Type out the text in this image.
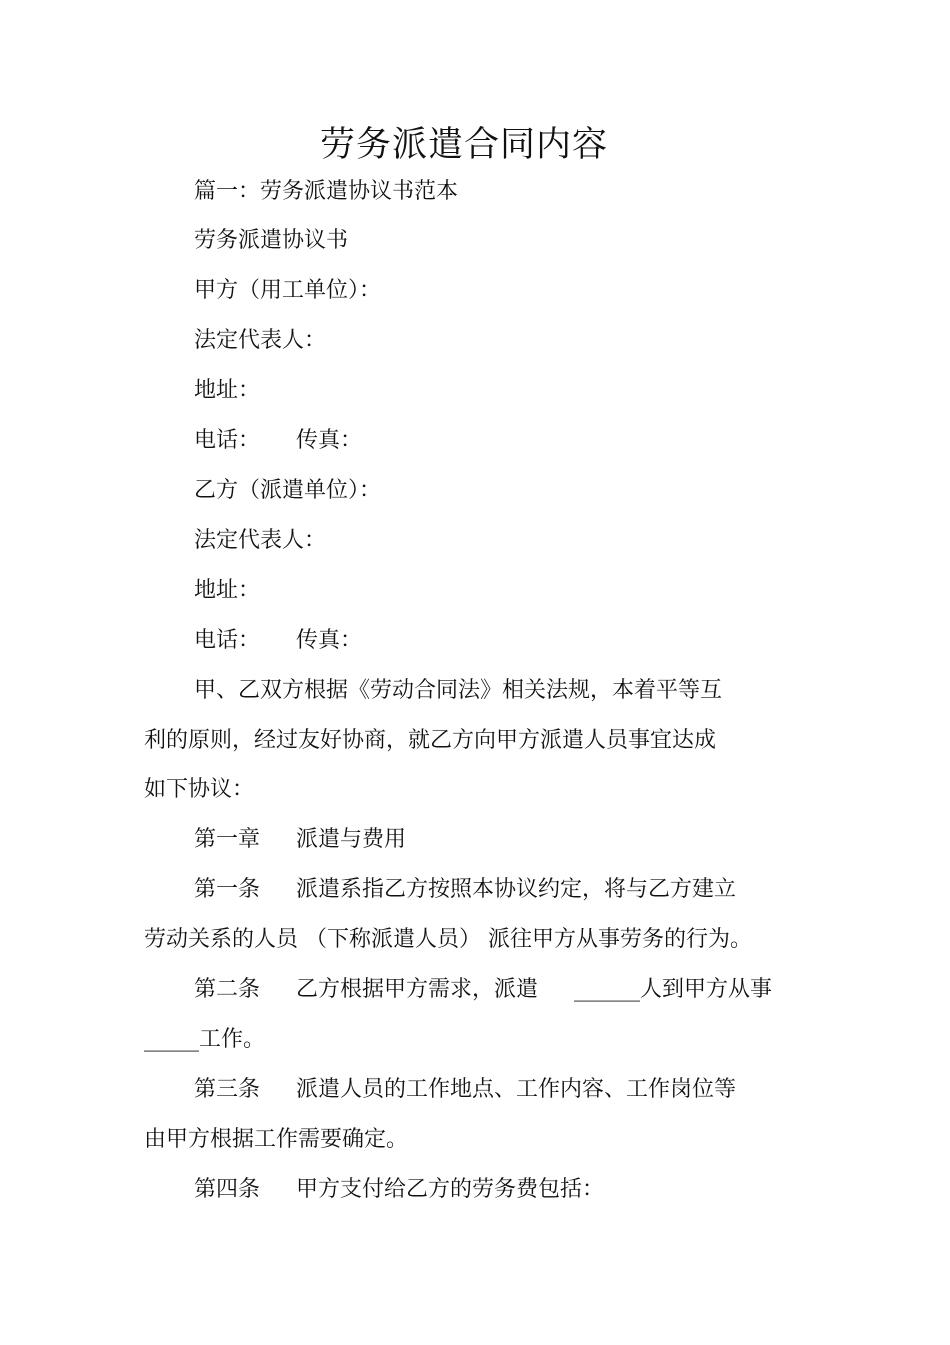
劳务派遣合同内容
篇一：劳务派遣协议书范本
劳务派遣协议书
甲方（用工单位）：
法定代表人：
地址：
电话： 传真：
乙方（派遣单位）：
法定代表人：
地址：
电话： 传真：
甲、乙双方根据《劳动合同法》相关法规，本着平等互
利的原则，经过友好协商，就乙方向甲方派遣人员事宜达成
如下协议：
第一章 派遣与费用
第一条 派遣系指乙方按照本协议约定，将与乙方建立
劳动关系的人员 （下称派遣人员） 派往甲方从事劳务的行为。
第二条 乙方根据甲方需求，派遣 ______人到甲方从事
_____工作。
第三条 派遣人员的工作地点、工作内容、工作岗位等
由甲方根据工作需要确定。
第四条 甲方支付给乙方的劳务费包括：
